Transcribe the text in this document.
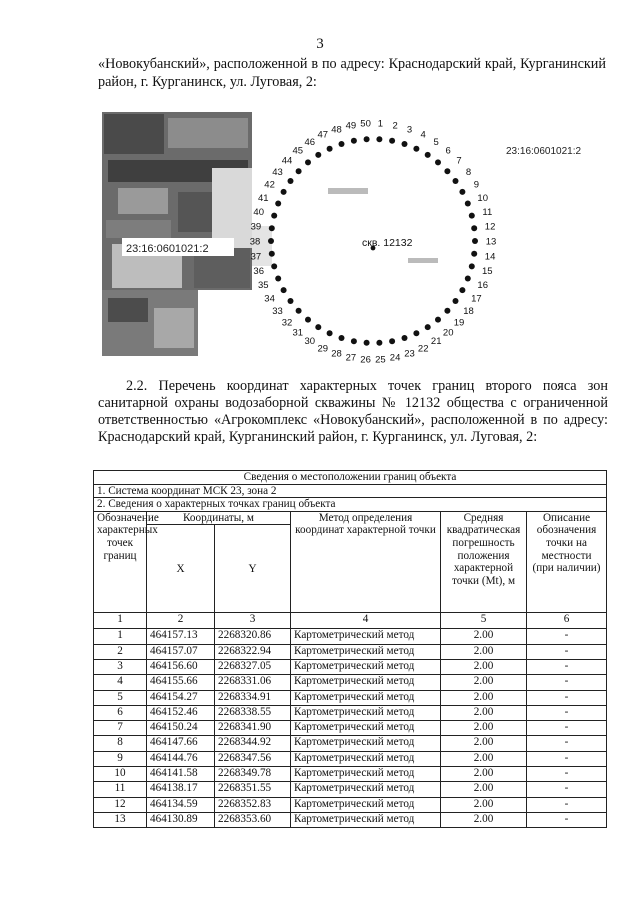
3
«Новокубанский», расположенной в по адресу: Краснодарский край, Курганинский район, г. Курганинск, ул. Луговая, 2:
23:16:0601021:2
23:16:0601021:2
скв. 12132
1 2 3 4
5
6
7
8
9
10
11
12
13
14
15
16
17
18
19
20
21
22
23
24
25
26
27
28
29
30
31
32
33
34
35
36
37
38
39
40
41
42
43
44
45
46
47 48 49 50

2.2. Перечень координат характерных точек границ второго пояса зон санитарной охраны водозаборной скважины № 12132 общества с ограниченной ответственностью «Агрокомплекс «Новокубанский», расположенной в по адресу: Краснодарский край, Курганинский район, г. Курганинск, ул. Луговая, 2:

Сведения о местоположении границ объекта					
1. Система координат МСК 23, зона 2					
2. Сведения о характерных точках границ объекта					
Обозначение характерных точек границ	Координаты, м		Метод определения координат характерной точки	Средняя квадратическая погрешность положения характерной точки (Mt), м	Описание обозначения точки на местности (при наличии)
	X	Y			
1	2	3	4	5	6
1	464157.13	2268320.86	Картометрический метод	2.00	-
2	464157.07	2268322.94	Картометрический метод	2.00	-
3	464156.60	2268327.05	Картометрический метод	2.00	-
4	464155.66	2268331.06	Картометрический метод	2.00	-
5	464154.27	2268334.91	Картометрический метод	2.00	-
6	464152.46	2268338.55	Картометрический метод	2.00	-
7	464150.24	2268341.90	Картометрический метод	2.00	-
8	464147.66	2268344.92	Картометрический метод	2.00	-
9	464144.76	2268347.56	Картометрический метод	2.00	-
10	464141.58	2268349.78	Картометрический метод	2.00	-
11	464138.17	2268351.55	Картометрический метод	2.00	-
12	464134.59	2268352.83	Картометрический метод	2.00	-
13	464130.89	2268353.60	Картометрический метод	2.00	-
